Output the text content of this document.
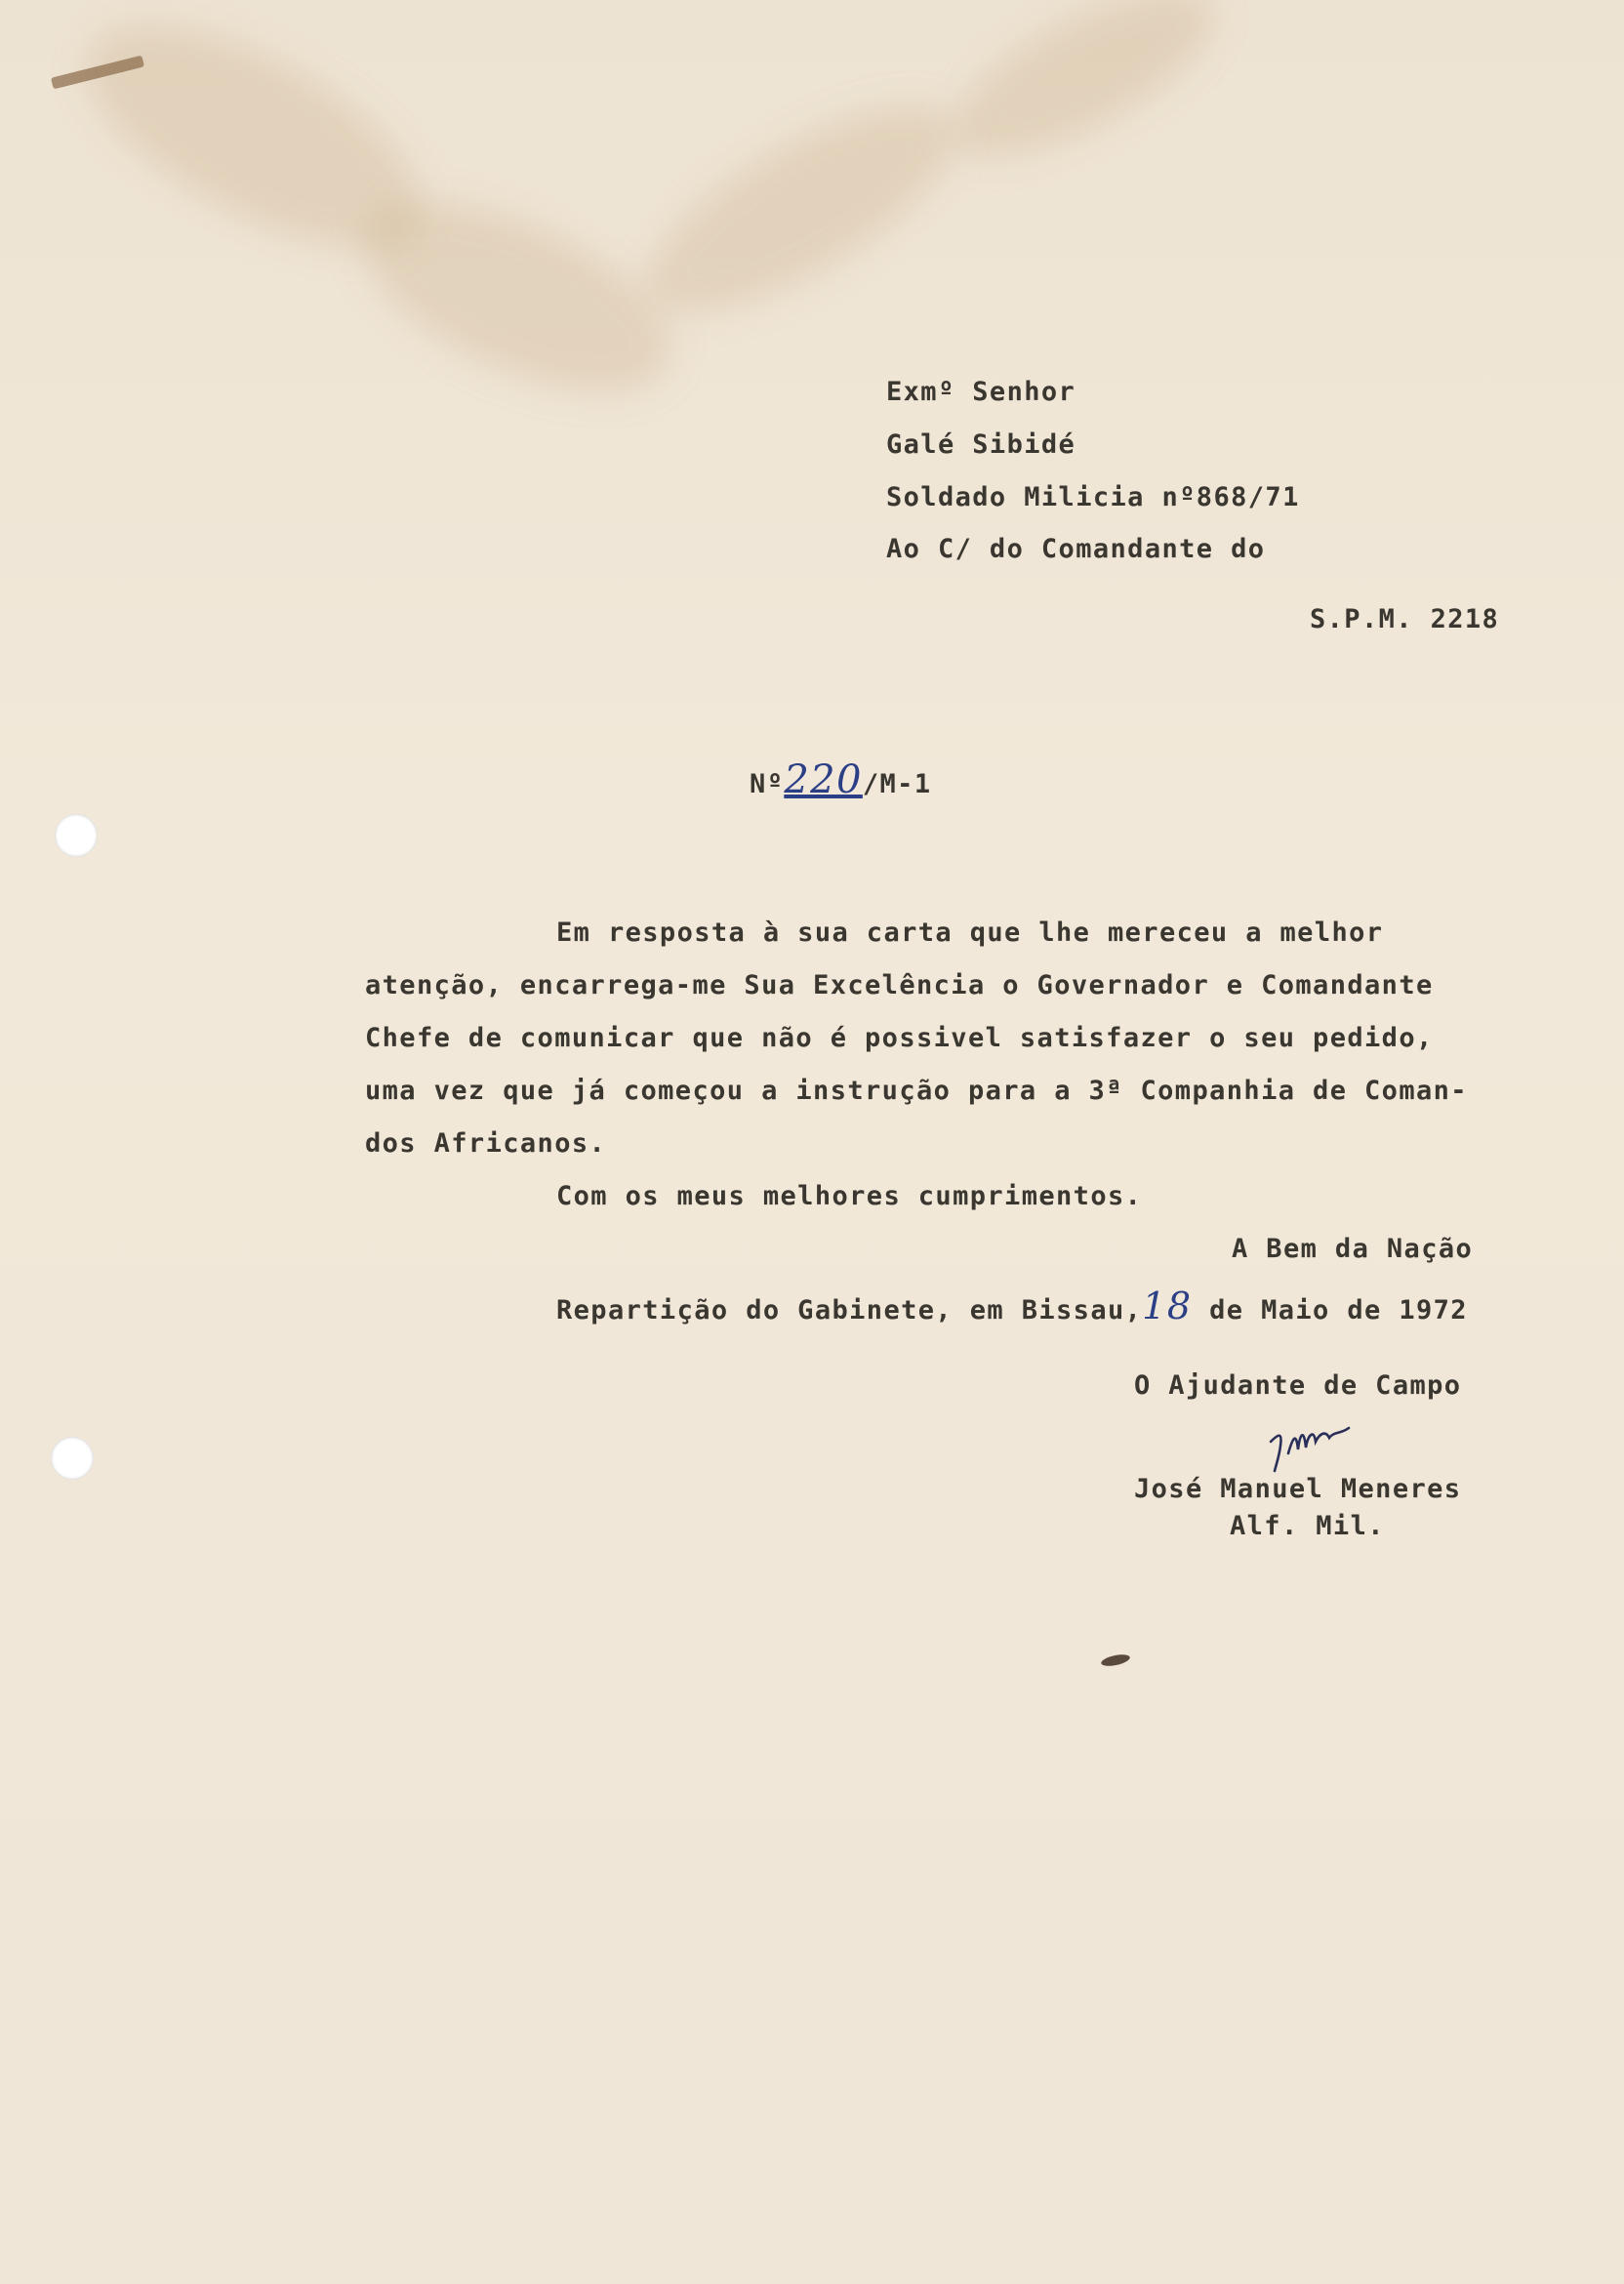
Exmº Senhor
Galé Sibidé
Soldado Milicia nº868/71
Ao C/ do Comandante do
S.P.M. 2218
Nº220/M-1
Em resposta à sua carta que lhe mereceu a melhor
atenção, encarrega-me Sua Excelência o Governador e Comandante
Chefe de comunicar que não é possivel satisfazer o seu pedido,
uma vez que já começou a instrução para a 3ª Companhia de Coman-
dos Africanos.
Com os meus melhores cumprimentos.
A Bem da Nação
Repartição do Gabinete, em Bissau,18 de Maio de 1972
O Ajudante de Campo
José Manuel Meneres
Alf. Mil.
